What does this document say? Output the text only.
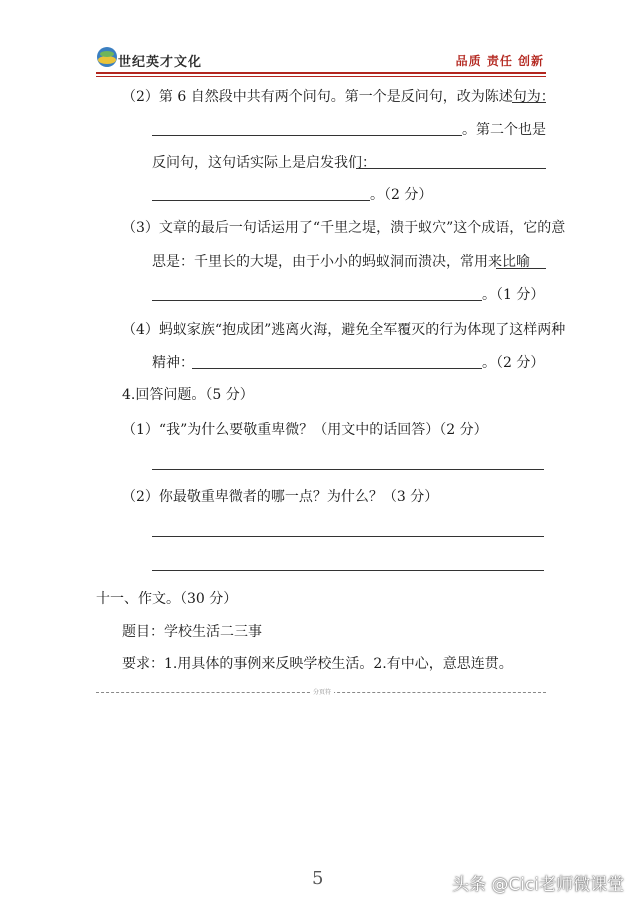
世纪英才文化	品质 责任 创新
（2）第 6 自然段中共有两个问句。第一个是反问句，改为陈述句为：
。第二个也是
反问句，这句话实际上是启发我们：
。（2 分）
（3）文章的最后一句话运用了“千里之堤，溃于蚁穴”这个成语，它的意
思是：千里长的大堤，由于小小的蚂蚁洞而溃决，常用来比喻
。（1 分）
（4）蚂蚁家族“抱成团”逃离火海，避免全军覆灭的行为体现了这样两种
精神：	。（2 分）
4.回答问题。（5 分）
（1）“我”为什么要敬重卑微？（用文中的话回答）（2 分）
（2）你最敬重卑微者的哪一点？为什么？（3 分）
十一、作文。（30 分）
题目：学校生活二三事
要求：1.用具体的事例来反映学校生活。2.有中心，意思连贯。
分页符
5	头条 @Cici老师微课堂
